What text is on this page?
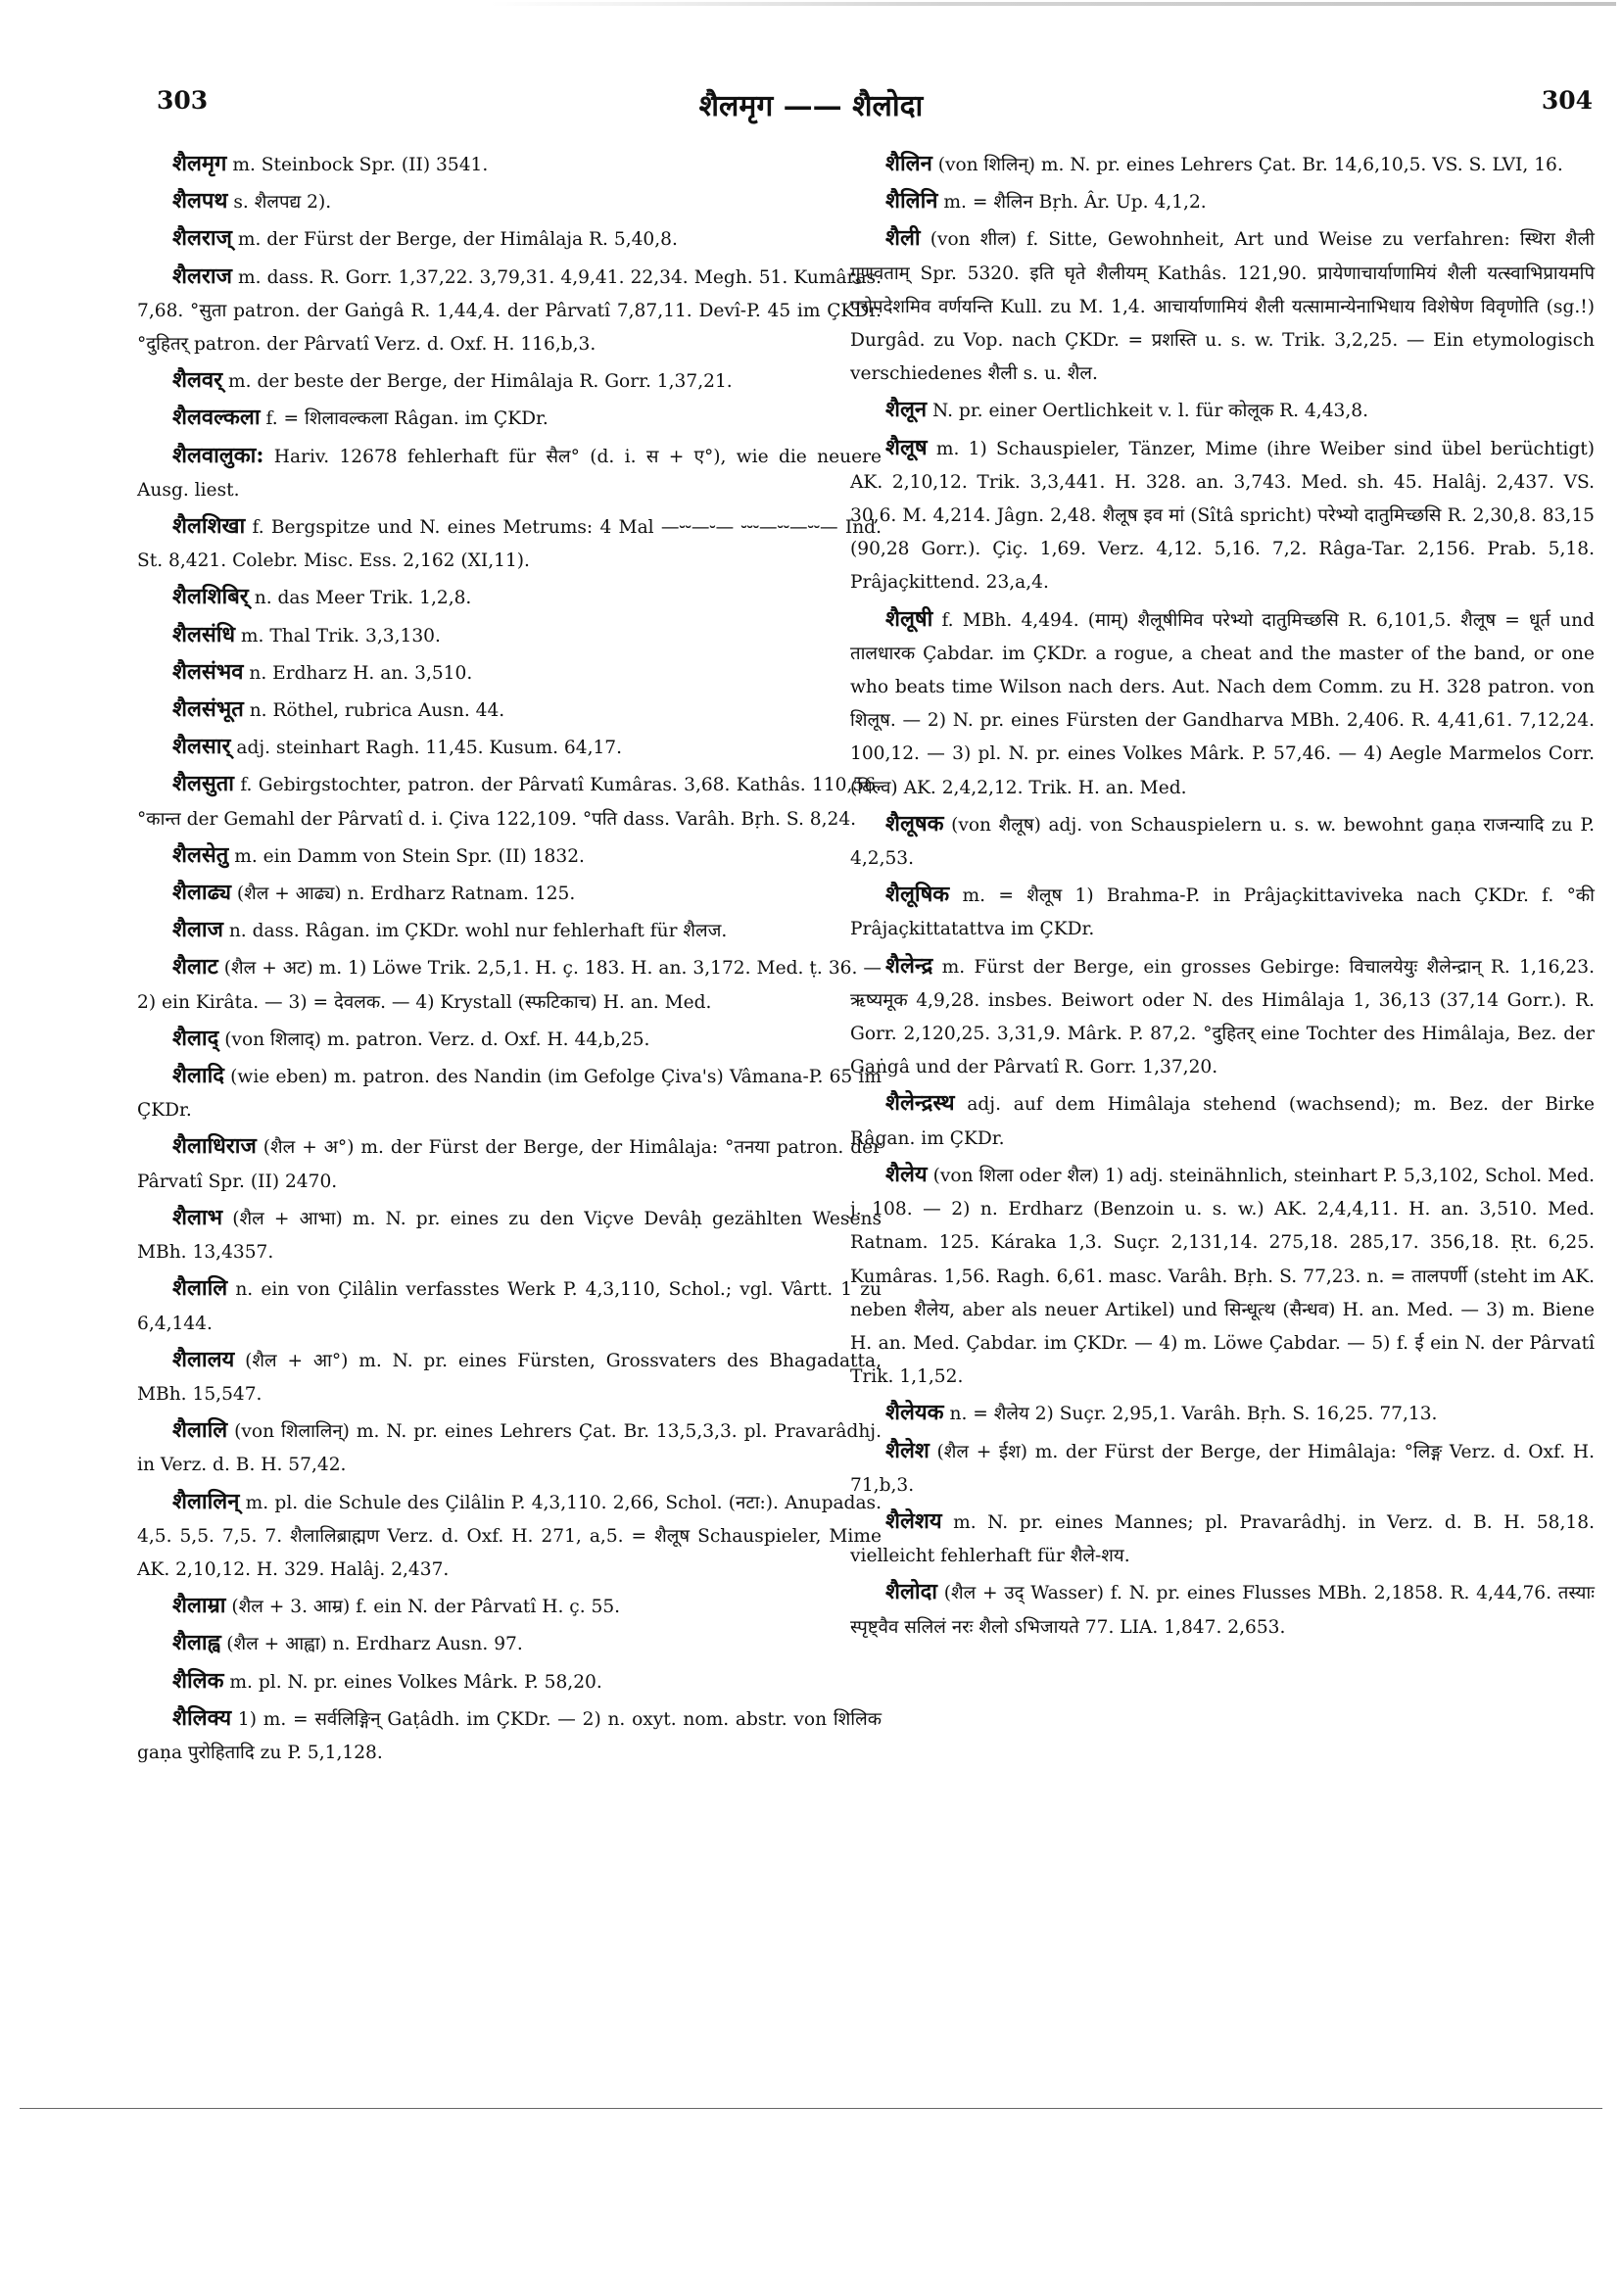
303	शैलमृग —— शैलोदा	304

शैलमृग m. Steinbock Spr. (II) 3541.

शैलपथ s. शैलपद्य 2).

शैलराज् m. der Fürst der Berge, der Himâlaja R. 5,40,8.

शैलराज m. dass. R. Gorr. 1,37,22. 3,79,31. 4,9,41. 22,34. Megh. 51. Kumâras. 7,68. °सुता patron. der Gaṅgâ R. 1,44,4. der Pârvatî 7,87,11. Devî-P. 45 im ÇKDr. °दुहितर् patron. der Pârvatî Verz. d. Oxf. H. 116,b,3.

शैलवर् m. der beste der Berge, der Himâlaja R. Gorr. 1,37,21.

शैलवल्कला f. = शिलावल्कला Râgan. im ÇKDr.

शैलवालुका: Hariv. 12678 fehlerhaft für सैल° (d. i. स + ए°), wie die neuere Ausg. liest.

शैलशिखा f. Bergspitze und N. eines Metrums: 4 Mal —⏑⏑—⏑— ⏑⏑⏑—⏑⏑—⏑⏑— Ind. St. 8,421. Colebr. Misc. Ess. 2,162 (XI,11).

शैलशिबिर् n. das Meer Trik. 1,2,8.

शैलसंधि m. Thal Trik. 3,3,130.

शैलसंभव n. Erdharz H. an. 3,510.

शैलसंभूत n. Röthel, rubrica Ausn. 44.

शैलसार् adj. steinhart Ragh. 11,45. Kusum. 64,17.

शैलसुता f. Gebirgstochter, patron. der Pârvatî Kumâras. 3,68. Kathâs. 110,56. °कान्त der Gemahl der Pârvatî d. i. Çiva 122,109. °पति dass. Varâh. Bṛh. S. 8,24.

शैलसेतु m. ein Damm von Stein Spr. (II) 1832.

शैलाढ्य (शैल + आढ्य) n. Erdharz Ratnam. 125.

शैलाज n. dass. Râgan. im ÇKDr. wohl nur fehlerhaft für शैलज.

शैलाट (शैल + अट) m. 1) Löwe Trik. 2,5,1. H. ç. 183. H. an. 3,172. Med. ṭ. 36. — 2) ein Kirâta. — 3) = देवलक. — 4) Krystall (स्फटिकाच) H. an. Med.

शैलाद् (von शिलाद्) m. patron. Verz. d. Oxf. H. 44,b,25.

शैलादि (wie eben) m. patron. des Nandin (im Gefolge Çiva's) Vâmana-P. 65 im ÇKDr.

शैलाधिराज (शैल + अ°) m. der Fürst der Berge, der Himâlaja: °तनया patron. der Pârvatî Spr. (II) 2470.

शैलाभ (शैल + आभा) m. N. pr. eines zu den Viçve Devâḥ gezählten Wesens MBh. 13,4357.

शैलालि n. ein von Çilâlin verfasstes Werk P. 4,3,110, Schol.; vgl. Vârtt. 1 zu 6,4,144.

शैलालय (शैल + आ°) m. N. pr. eines Fürsten, Grossvaters des Bhagadatta, MBh. 15,547.

शैलालि (von शिलालिन्) m. N. pr. eines Lehrers Çat. Br. 13,5,3,3. pl. Pravarâdhj. in Verz. d. B. H. 57,42.

शैलालिन् m. pl. die Schule des Çilâlin P. 4,3,110. 2,66, Schol. (नटा:). Anupadas. 4,5. 5,5. 7,5. 7. शैलालिब्राह्मण Verz. d. Oxf. H. 271, a,5. = शैलूष Schauspieler, Mime AK. 2,10,12. H. 329. Halâj. 2,437.

शैलाम्रा (शैल + 3. आम्र) f. ein N. der Pârvatî H. ç. 55.

शैलाह्व (शैल + आह्वा) n. Erdharz Ausn. 97.

शैलिक m. pl. N. pr. eines Volkes Mârk. P. 58,20.

शैलिक्य 1) m. = सर्वलिङ्गिन् Gaṭâdh. im ÇKDr. — 2) n. oxyt. nom. abstr. von शिलिक gaṇa पुरोहितादि zu P. 5,1,128.

शैलिन (von शिलिन्) m. N. pr. eines Lehrers Çat. Br. 14,6,10,5. VS. S. LVI, 16.

शैलिनि m. = शैलिन Bṛh. Âr. Up. 4,1,2.

शैली (von शील) f. Sitte, Gewohnheit, Art und Weise zu verfahren: स्थिरा शैली गुणवताम् Spr. 5320. इति घृते शैलीयम् Kathâs. 121,90. प्रायेणाचार्याणामियं शैली यत्स्वाभिप्रायमपि परोपदेशमिव वर्णयन्ति Kull. zu M. 1,4. आचार्याणामियं शैली यत्सामान्येनाभिधाय विशेषेण विवृणोति (sg.!) Durgâd. zu Vop. nach ÇKDr. = प्रशस्ति u. s. w. Trik. 3,2,25. — Ein etymologisch verschiedenes शैली s. u. शैल.

शैलून N. pr. einer Oertlichkeit v. l. für कोलूक R. 4,43,8.

शैलूष m. 1) Schauspieler, Tänzer, Mime (ihre Weiber sind übel berüchtigt) AK. 2,10,12. Trik. 3,3,441. H. 328. an. 3,743. Med. sh. 45. Halâj. 2,437. VS. 30,6. M. 4,214. Jâgn. 2,48. शैलूष इव मां (Sîtâ spricht) परेभ्यो दातुमिच्छसि R. 2,30,8. 83,15 (90,28 Gorr.). Çiç. 1,69. Verz. 4,12. 5,16. 7,2. Râga-Tar. 2,156. Prab. 5,18. Prâjaçkittend. 23,a,4.

शैलूषी f. MBh. 4,494. (माम्) शैलूषीमिव परेभ्यो दातुमिच्छसि R. 6,101,5. शैलूष = धूर्त und तालधारक Çabdar. im ÇKDr. a rogue, a cheat and the master of the band, or one who beats time Wilson nach ders. Aut. Nach dem Comm. zu H. 328 patron. von शिलूष. — 2) N. pr. eines Fürsten der Gandharva MBh. 2,406. R. 4,41,61. 7,12,24. 100,12. — 3) pl. N. pr. eines Volkes Mârk. P. 57,46. — 4) Aegle Marmelos Corr. (बिल्व) AK. 2,4,2,12. Trik. H. an. Med.

शैलूषक (von शैलूष) adj. von Schauspielern u. s. w. bewohnt gaṇa राजन्यादि zu P. 4,2,53.

शैलूषिक m. = शैलूष 1) Brahma-P. in Prâjaçkittaviveka nach ÇKDr. f. °की Prâjaçkittatattva im ÇKDr.

शैलेन्द्र m. Fürst der Berge, ein grosses Gebirge: विचालयेयुः शैलेन्द्रान् R. 1,16,23. ऋष्यमूक 4,9,28. insbes. Beiwort oder N. des Himâlaja 1, 36,13 (37,14 Gorr.). R. Gorr. 2,120,25. 3,31,9. Mârk. P. 87,2. °दुहितर् eine Tochter des Himâlaja, Bez. der Gaṅgâ und der Pârvatî R. Gorr. 1,37,20.

शैलेन्द्रस्थ adj. auf dem Himâlaja stehend (wachsend); m. Bez. der Birke Râgan. im ÇKDr.

शैलेय (von शिला oder शैल) 1) adj. steinähnlich, steinhart P. 5,3,102, Schol. Med. j. 108. — 2) n. Erdharz (Benzoin u. s. w.) AK. 2,4,4,11. H. an. 3,510. Med. Ratnam. 125. Káraka 1,3. Suçr. 2,131,14. 275,18. 285,17. 356,18. Ṛt. 6,25. Kumâras. 1,56. Ragh. 6,61. masc. Varâh. Bṛh. S. 77,23. n. = तालपर्णी (steht im AK. neben शैलेय, aber als neuer Artikel) und सिन्धूत्थ (सैन्धव) H. an. Med. — 3) m. Biene H. an. Med. Çabdar. im ÇKDr. — 4) m. Löwe Çabdar. — 5) f. ई ein N. der Pârvatî Trik. 1,1,52.

शैलेयक n. = शैलेय 2) Suçr. 2,95,1. Varâh. Bṛh. S. 16,25. 77,13.

शैलेश (शैल + ईश) m. der Fürst der Berge, der Himâlaja: °लिङ्ग Verz. d. Oxf. H. 71,b,3.

शैलेशय m. N. pr. eines Mannes; pl. Pravarâdhj. in Verz. d. B. H. 58,18. vielleicht fehlerhaft für शैले-शय.

शैलोदा (शैल + उद् Wasser) f. N. pr. eines Flusses MBh. 2,1858. R. 4,44,76. तस्याः स्पृष्ट्वैव सलिलं नरः शैलो ऽभिजायते 77. LIA. 1,847. 2,653.
